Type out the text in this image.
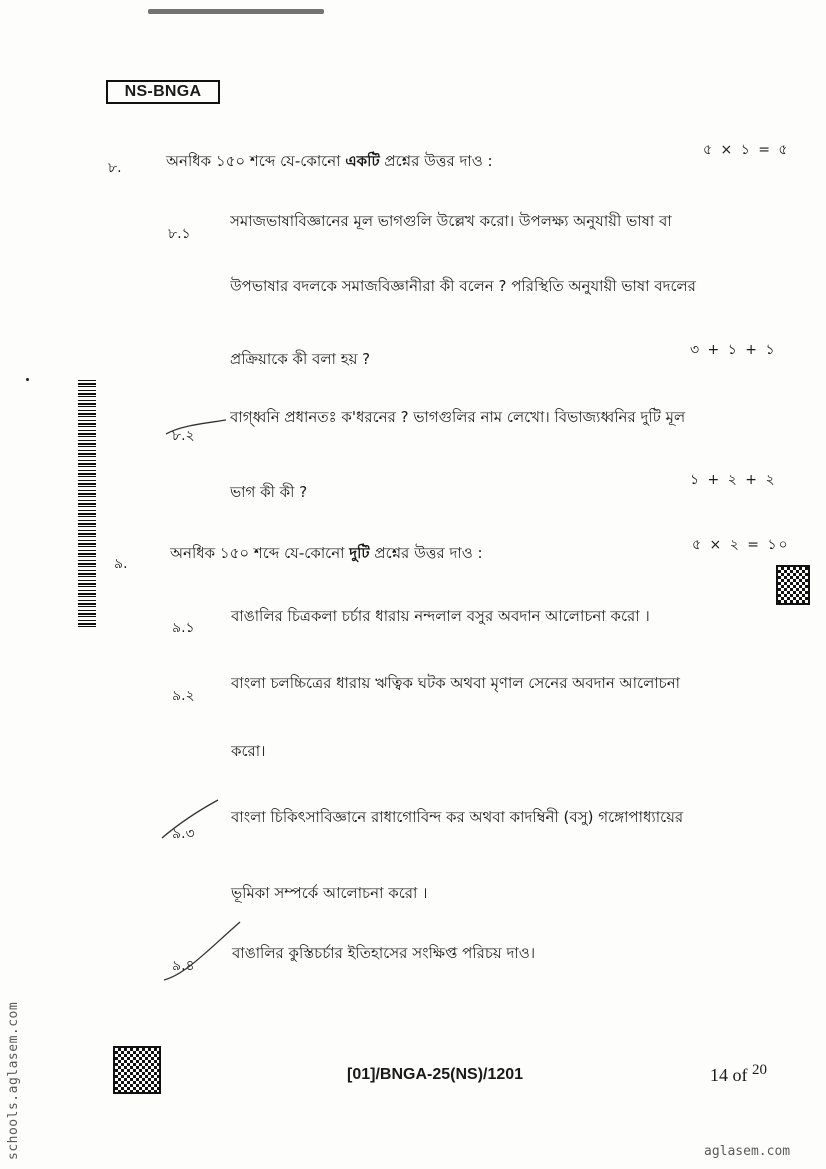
NS-BNGA
৮.	অনধিক ১৫০ শব্দে যে-কোনো একটি প্রশ্নের উত্তর দাও :
৫ × ১ = ৫
৮.১
সমাজভাষাবিজ্ঞানের মূল ভাগগুলি উল্লেখ করো। উপলক্ষ্য অনুযায়ী ভাষা বা
উপভাষার বদলকে সমাজবিজ্ঞানীরা কী বলেন ? পরিস্থিতি অনুযায়ী ভাষা বদলের
প্রক্রিয়াকে কী বলা হয় ?	৩ + ১ + ১
৮.২
বাগ্‌ধ্বনি প্রধানতঃ ক'ধরনের ? ভাগগুলির নাম লেখো। বিভাজ্যধ্বনির দুটি মূল
ভাগ কী কী ?
১ + ২ + ২
৯.
অনধিক ১৫০ শব্দে যে-কোনো দুটি প্রশ্নের উত্তর দাও :	৫ × ২ = ১০
৯.১
বাঙালির চিত্রকলা চর্চার ধারায় নন্দলাল বসুর অবদান আলোচনা করো ।
৯.২
বাংলা চলচ্চিত্রের ধারায় ঋত্বিক ঘটক অথবা মৃণাল সেনের অবদান আলোচনা
করো।
৯.৩
বাংলা চিকিৎসাবিজ্ঞানে রাধাগোবিন্দ কর অথবা কাদম্বিনী (বসু) গঙ্গোপাধ্যায়ের
ভূমিকা সম্পর্কে আলোচনা করো ।
৯.৪
বাঙালির কুস্তিচর্চার ইতিহাসের সংক্ষিপ্ত পরিচয় দাও।
[01]/BNGA-25(NS)/1201	14 of $^{20}$
schools.aglasem.com	aglasem.com
